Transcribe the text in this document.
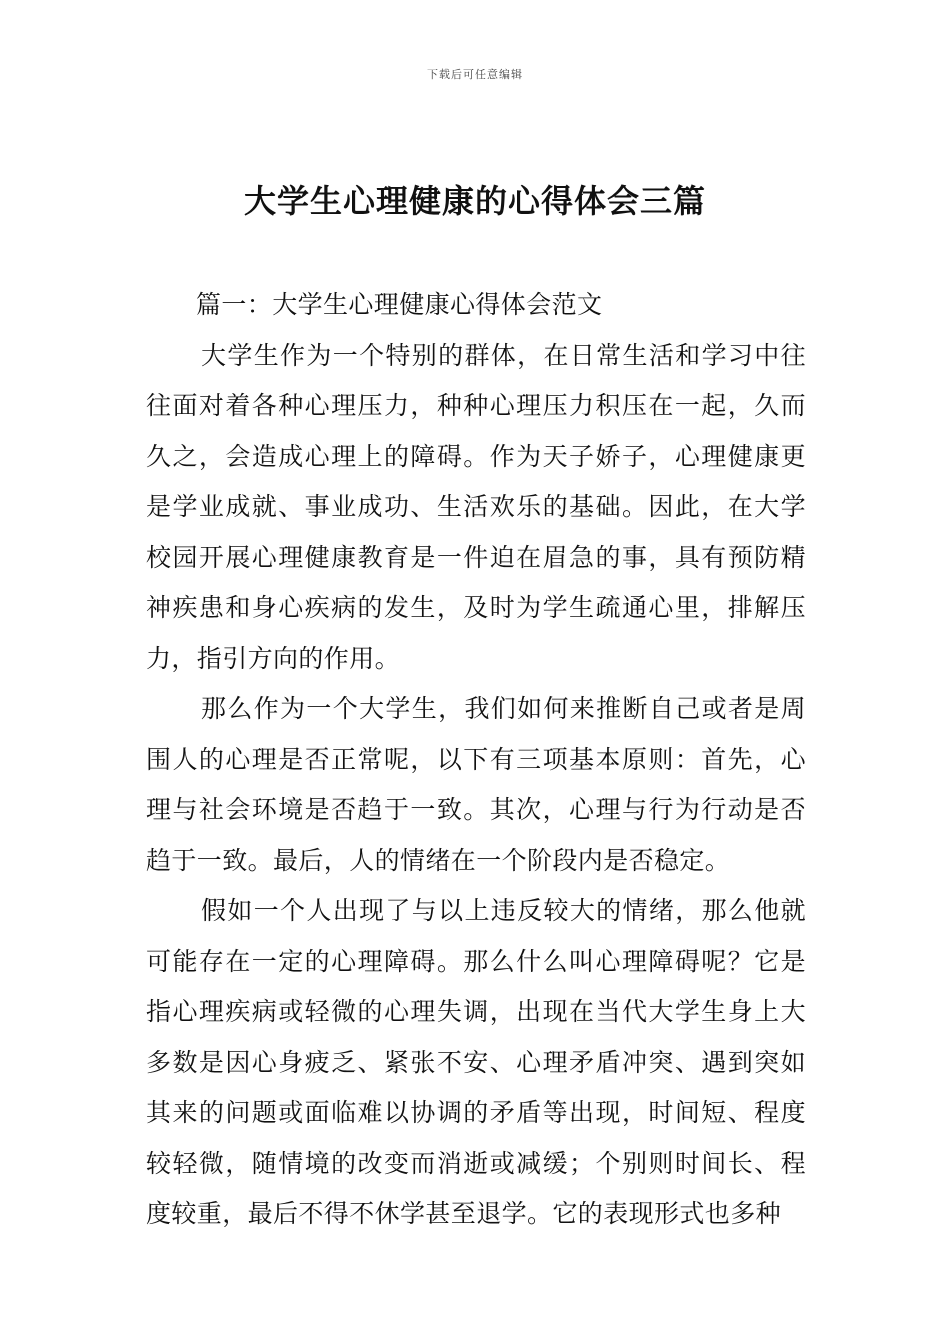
下载后可任意编辑
大学生心理健康的心得体会三篇

篇一：大学生心理健康心得体会范文

大学生作为一个特别的群体，在日常生活和学习中往往面对着各种心理压力，种种心理压力积压在一起，久而久之，会造成心理上的障碍。作为天子娇子，心理健康更是学业成就、事业成功、生活欢乐的基础。因此，在大学校园开展心理健康教育是一件迫在眉急的事，具有预防精神疾患和身心疾病的发生，及时为学生疏通心里，排解压力，指引方向的作用。

那么作为一个大学生，我们如何来推断自己或者是周围人的心理是否正常呢，以下有三项基本原则：首先，心理与社会环境是否趋于一致。其次，心理与行为行动是否趋于一致。最后，人的情绪在一个阶段内是否稳定。

假如一个人出现了与以上违反较大的情绪，那么他就可能存在一定的心理障碍。那么什么叫心理障碍呢？它是指心理疾病或轻微的心理失调，出现在当代大学生身上大多数是因心身疲乏、紧张不安、心理矛盾冲突、遇到突如其来的问题或面临难以协调的矛盾等出现，时间短、程度较轻微，随情境的改变而消逝或减缓；个别则时间长、程度较重，最后不得不休学甚至退学。它的表现形式也多种
